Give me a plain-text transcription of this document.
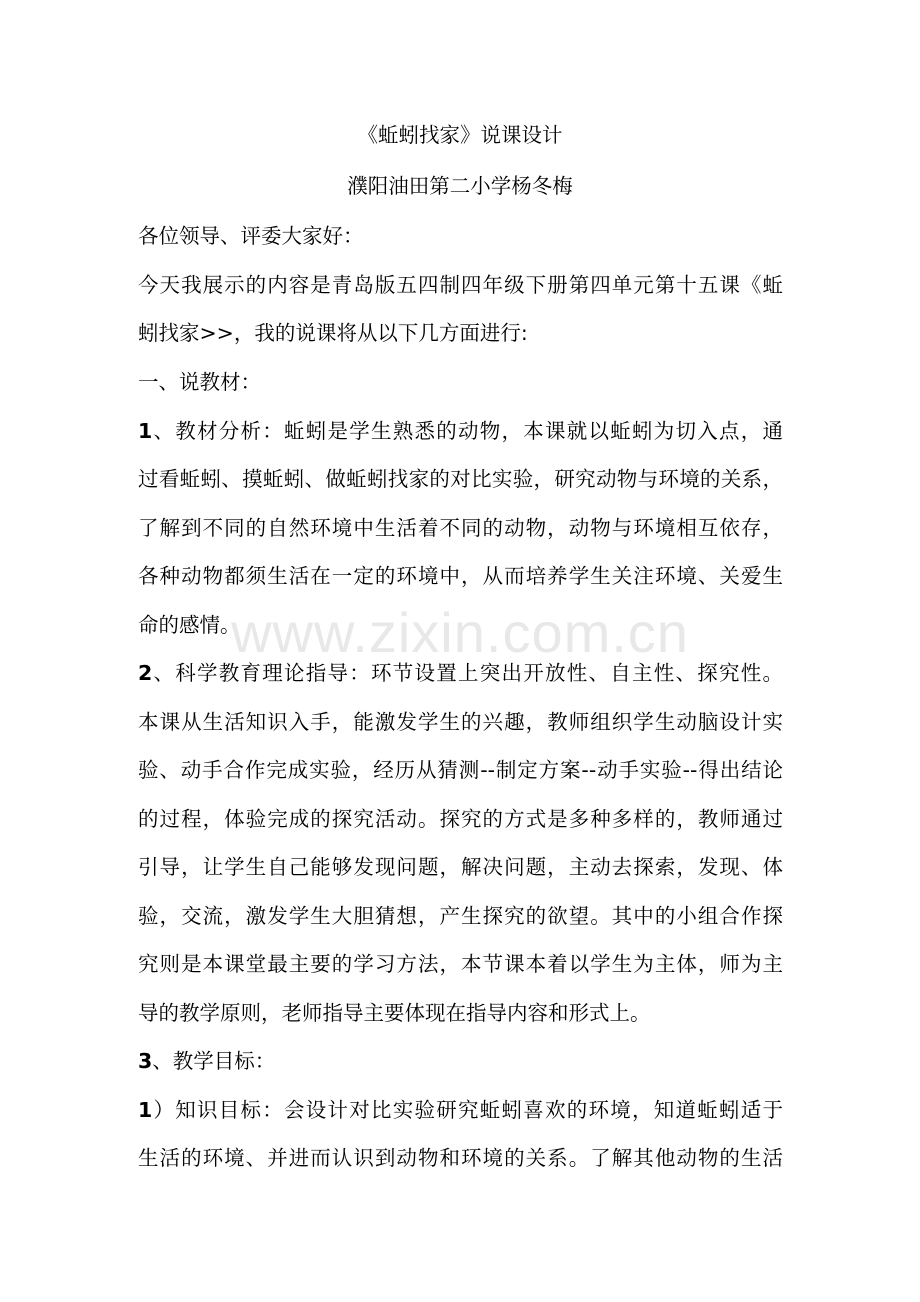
《蚯蚓找家》说课设计
濮阳油田第二小学杨冬梅
各位领导、评委大家好：
今天我展示的内容是青岛版五四制四年级下册第四单元第十五课《蚯
蚓找家>>，我的说课将从以下几方面进行:
一、说教材：
1、教材分析：蚯蚓是学生熟悉的动物，本课就以蚯蚓为切入点，通
过看蚯蚓、摸蚯蚓、做蚯蚓找家的对比实验，研究动物与环境的关系，
了解到不同的自然环境中生活着不同的动物，动物与环境相互依存，
各种动物都须生活在一定的环境中，从而培养学生关注环境、关爱生
命的感情。
2、科学教育理论指导：环节设置上突出开放性、自主性、探究性。
本课从生活知识入手，能激发学生的兴趣，教师组织学生动脑设计实
验、动手合作完成实验，经历从猜测--制定方案--动手实验--得出结论
的过程，体验完成的探究活动。探究的方式是多种多样的，教师通过
引导，让学生自己能够发现问题，解决问题，主动去探索，发现、体
验，交流，激发学生大胆猜想，产生探究的欲望。其中的小组合作探
究则是本课堂最主要的学习方法，本节课本着以学生为主体，师为主
导的教学原则，老师指导主要体现在指导内容和形式上。
3、教学目标：
1）知识目标：会设计对比实验研究蚯蚓喜欢的环境，知道蚯蚓适于
生活的环境、并进而认识到动物和环境的关系。了解其他动物的生活
www.zixin.com.cn
